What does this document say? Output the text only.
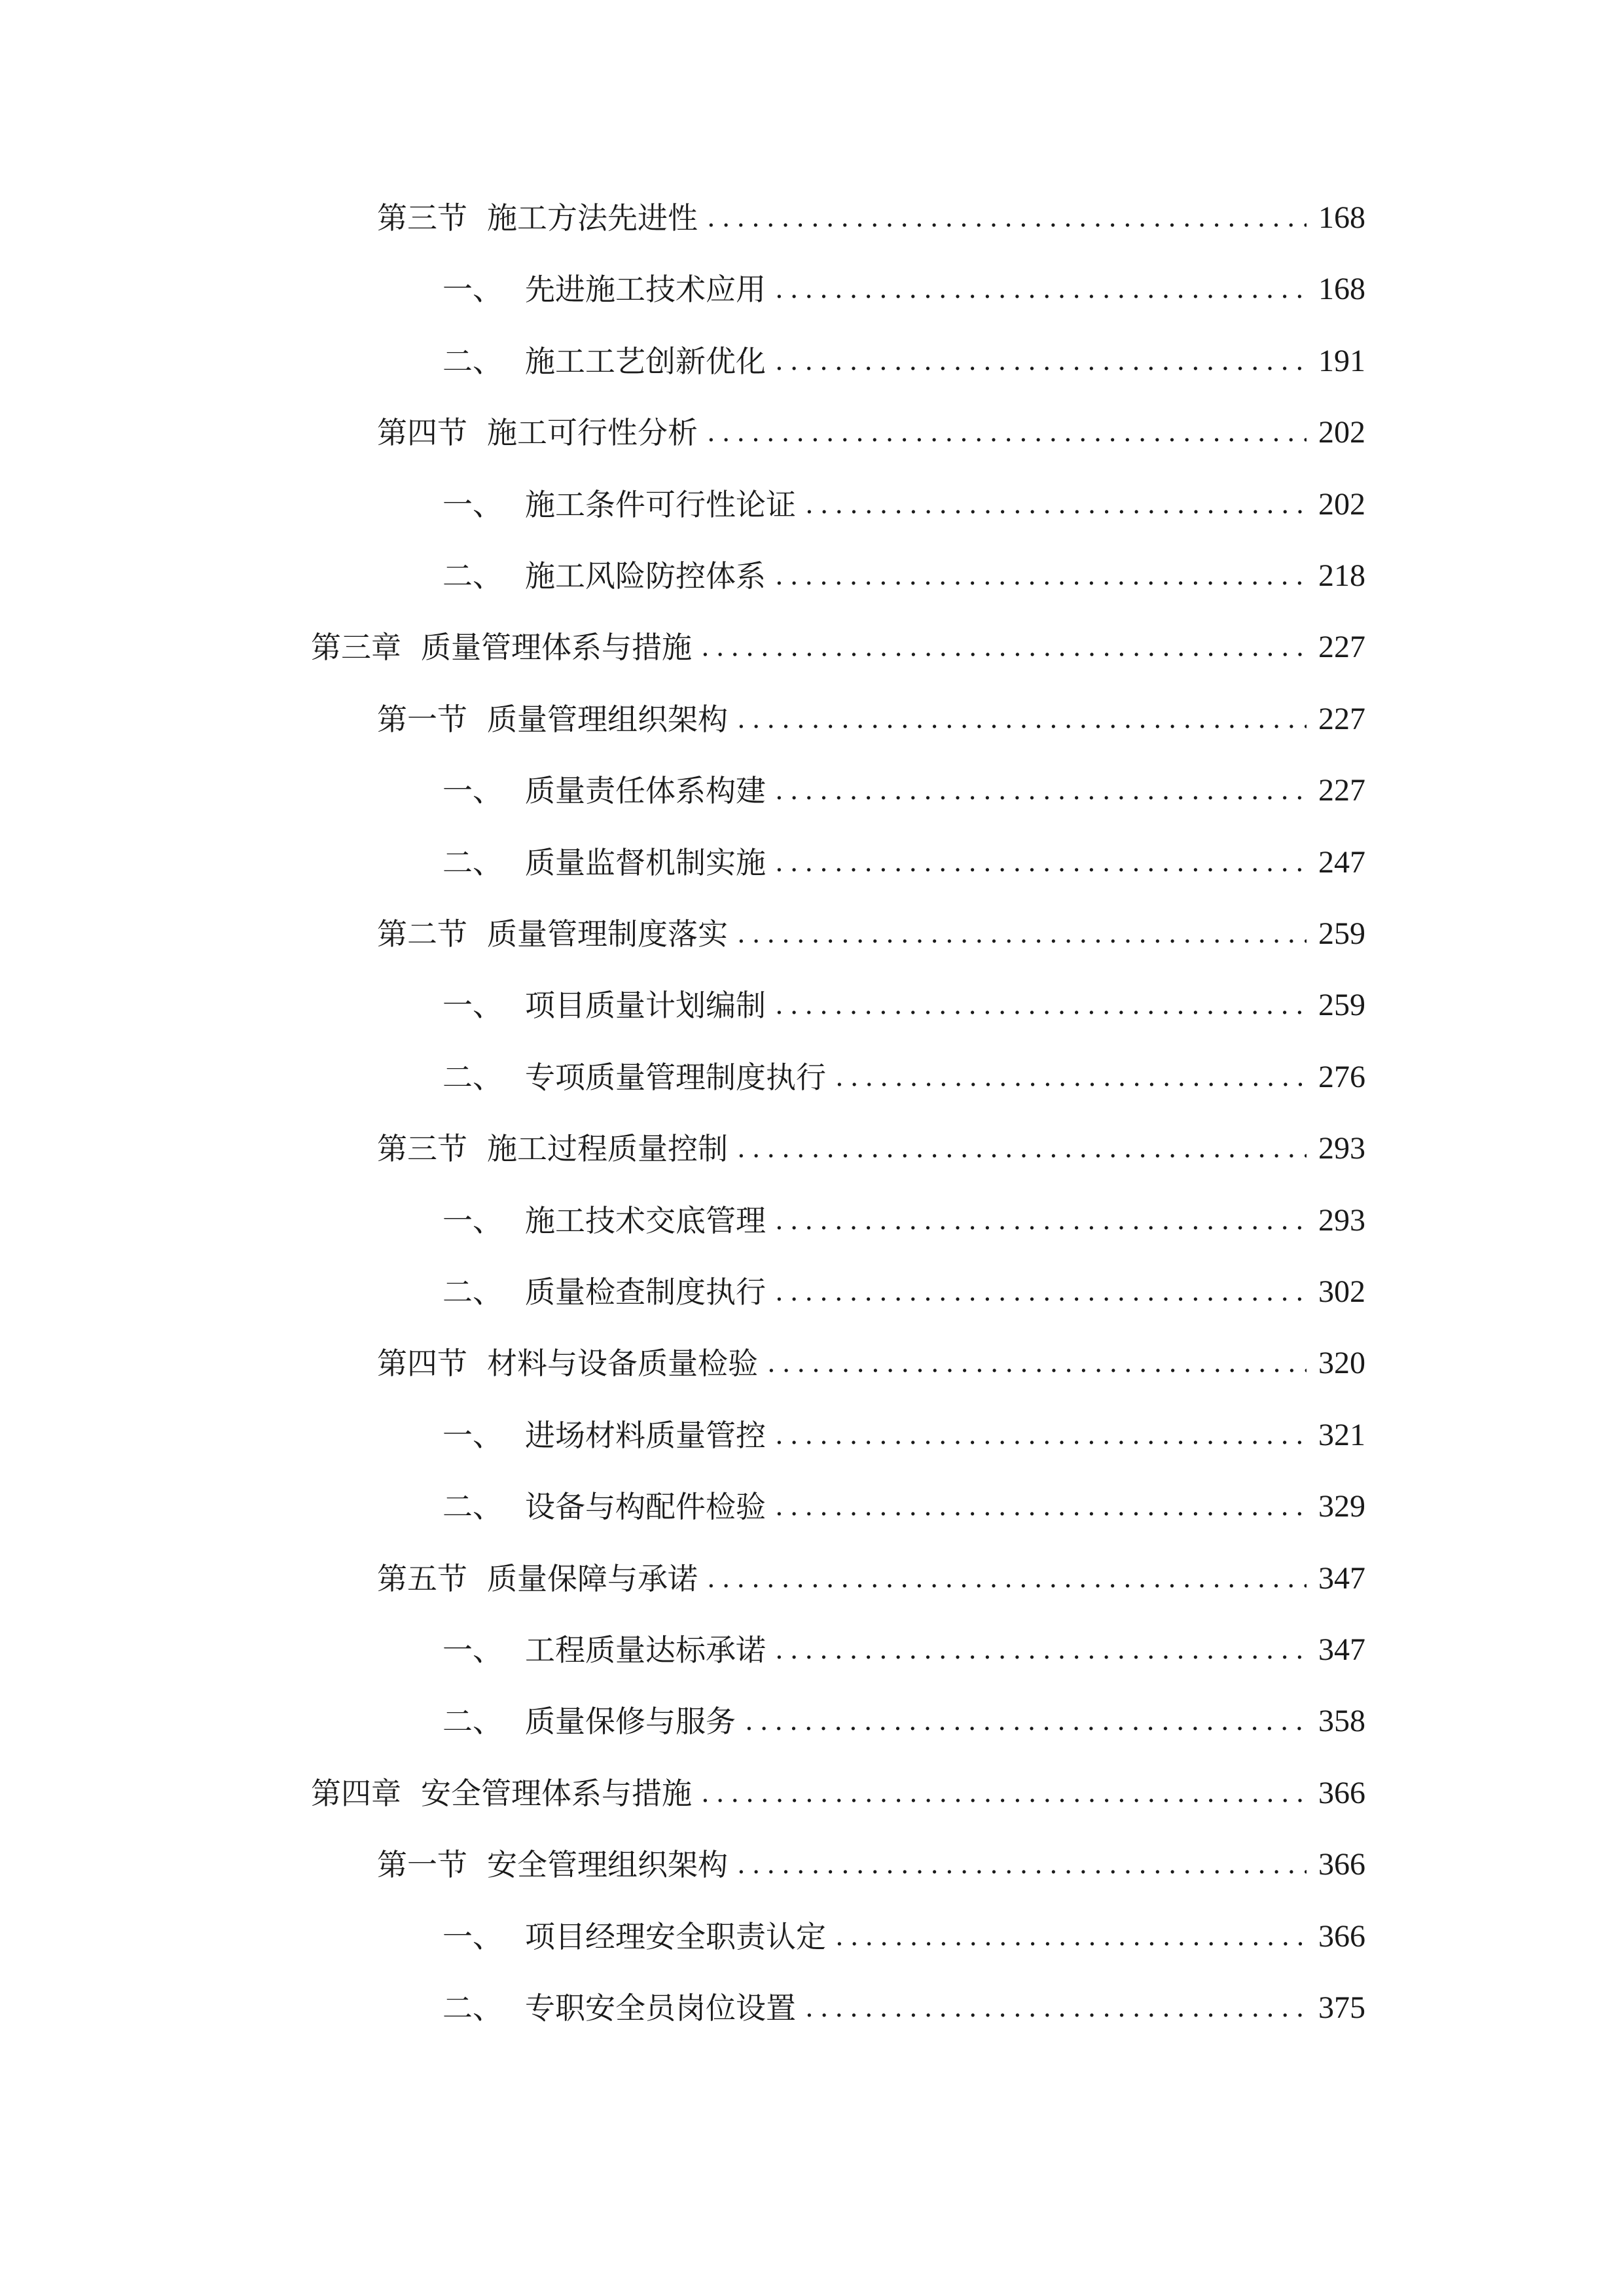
第三节 施工方法先进性 .....	168
一、 先进施工技术应用 .....	168
二、 施工工艺创新优化 .....	191
第四节 施工可行性分析 .....	202
一、 施工条件可行性论证 .....	202
二、 施工风险防控体系 .....	218
第三章 质量管理体系与措施 .....	227
第一节 质量管理组织架构 .....	227
一、 质量责任体系构建 .....	227
二、 质量监督机制实施 .....	247
第二节 质量管理制度落实 .....	259
一、 项目质量计划编制 .....	259
二、 专项质量管理制度执行 .....	276
第三节 施工过程质量控制 .....	293
一、 施工技术交底管理 .....	293
二、 质量检查制度执行 .....	302
第四节 材料与设备质量检验 .....	320
一、 进场材料质量管控 .....	321
二、 设备与构配件检验 .....	329
第五节 质量保障与承诺 .....	347
一、 工程质量达标承诺 .....	347
二、 质量保修与服务 .....	358
第四章 安全管理体系与措施 .....	366
第一节 安全管理组织架构 .....	366
一、 项目经理安全职责认定 .....	366
二、 专职安全员岗位设置 .....	375
